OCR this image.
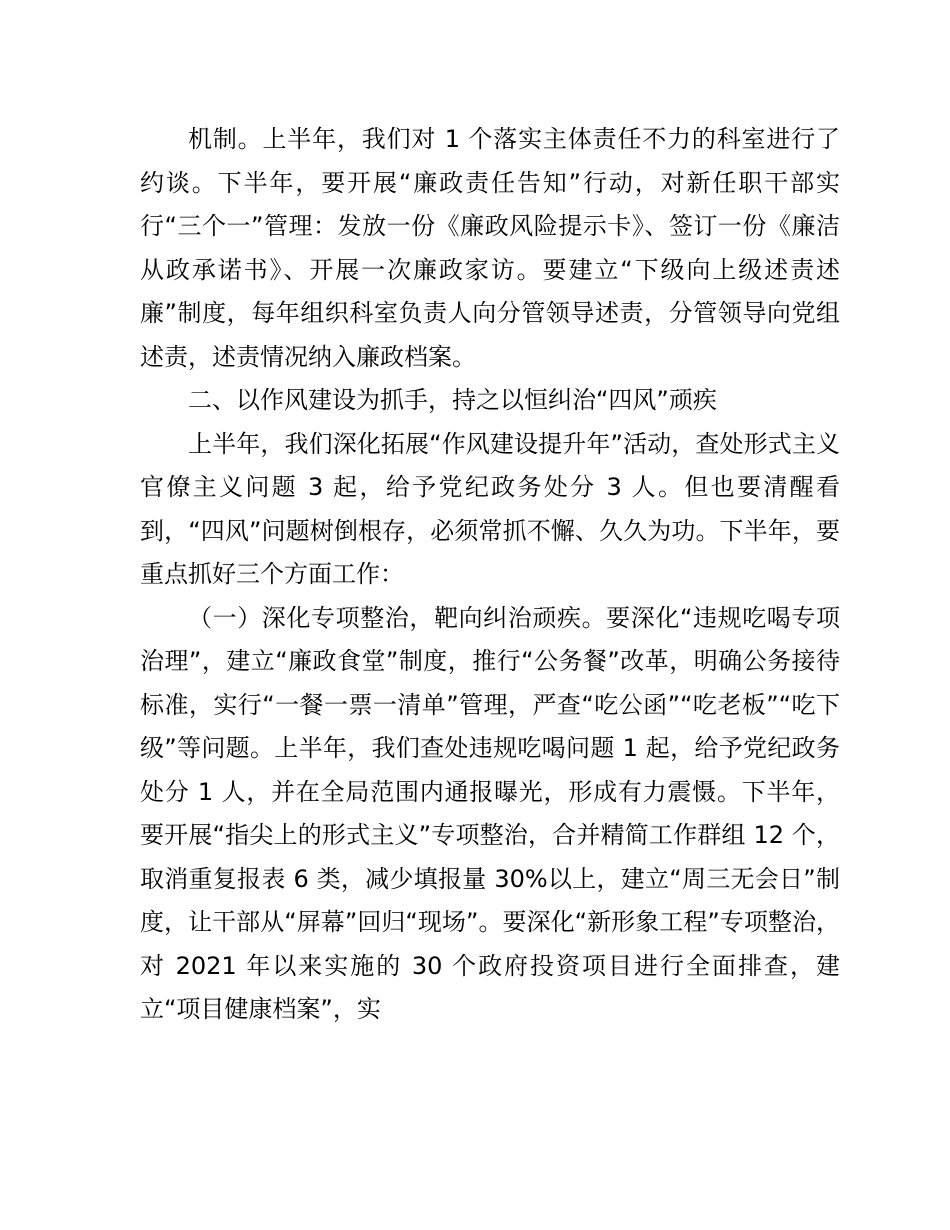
机制。上半年，我们对 1 个落实主体责任不力的科室进行了约谈。下半年，要开展“廉政责任告知”行动，对新任职干部实行“三个一”管理：发放一份《廉政风险提示卡》、签订一份《廉洁从政承诺书》、开展一次廉政家访。要建立“下级向上级述责述廉”制度，每年组织科室负责人向分管领导述责，分管领导向党组述责，述责情况纳入廉政档案。

二、以作风建设为抓手，持之以恒纠治“四风”顽疾

上半年，我们深化拓展“作风建设提升年”活动，查处形式主义官僚主义问题 3 起，给予党纪政务处分 3 人。但也要清醒看到，“四风”问题树倒根存，必须常抓不懈、久久为功。下半年，要重点抓好三个方面工作：

（一）深化专项整治，靶向纠治顽疾。要深化“违规吃喝专项治理”，建立“廉政食堂”制度，推行“公务餐”改革，明确公务接待标准，实行“一餐一票一清单”管理，严查“吃公函”“吃老板”“吃下级”等问题。上半年，我们查处违规吃喝问题 1 起，给予党纪政务处分 1 人，并在全局范围内通报曝光，形成有力震慑。下半年，要开展“指尖上的形式主义”专项整治，合并精简工作群组 12 个，取消重复报表 6 类，减少填报量 30%以上，建立“周三无会日”制度，让干部从“屏幕”回归“现场”。要深化“新形象工程”专项整治，对 2021 年以来实施的 30 个政府投资项目进行全面排查，建立“项目健康档案”，实
